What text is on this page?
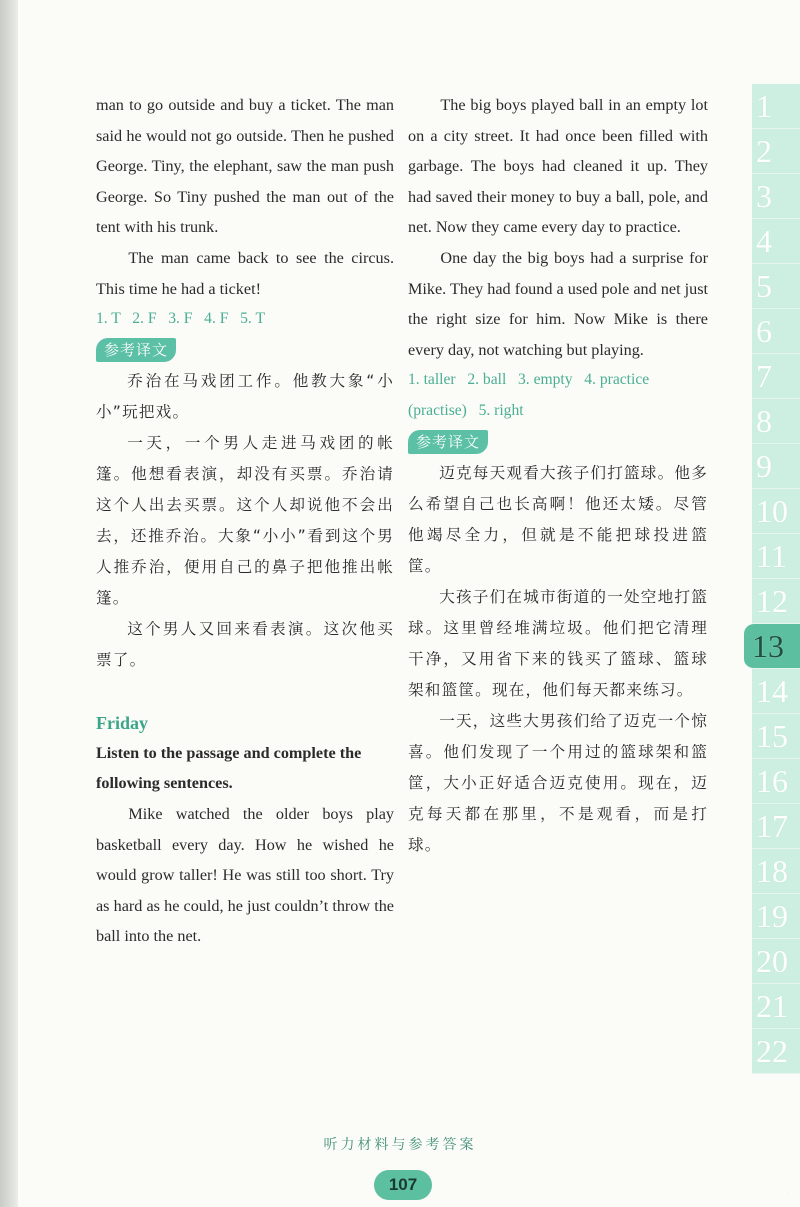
man to go outside and buy a ticket. The man said he would not go outside. Then he pushed George. Tiny, the elephant, saw the man push George. So Tiny pushed the man out of the tent with his trunk.

The man came back to see the circus. This time he had a ticket!

1. T   2. F   3. F   4. F   5. T

参考译文

乔治在马戏团工作。他教大象“小小”玩把戏。

一天，一个男人走进马戏团的帐篷。他想看表演，却没有买票。乔治请这个人出去买票。这个人却说他不会出去，还推乔治。大象“小小”看到这个男人推乔治，便用自己的鼻子把他推出帐篷。

这个男人又回来看表演。这次他买票了。

Friday

Listen to the passage and complete the following sentences.

Mike watched the older boys play basketball every day. How he wished he would grow taller! He was still too short. Try as hard as he could, he just couldn’t throw the ball into the net.

The big boys played ball in an empty lot on a city street. It had once been filled with garbage. The boys had cleaned it up. They had saved their money to buy a ball, pole, and net. Now they came every day to practice.

One day the big boys had a surprise for Mike. They had found a used pole and net just the right size for him. Now Mike is there every day, not watching but playing.

1. taller   2. ball   3. empty   4. practice (practise)   5. right

参考译文

迈克每天观看大孩子们打篮球。他多么希望自己也长高啊！他还太矮。尽管他竭尽全力，但就是不能把球投进篮筐。

大孩子们在城市街道的一处空地打篮球。这里曾经堆满垃圾。他们把它清理干净，又用省下来的钱买了篮球、篮球架和篮筐。现在，他们每天都来练习。

一天，这些大男孩们给了迈克一个惊喜。他们发现了一个用过的篮球架和篮筐，大小正好适合迈克使用。现在，迈克每天都在那里，不是观看，而是打球。

1
2
3
4
5
6
7
8
9
10
11
12
13
14
15
16
17
18
19
20
21
22
听力材料与参考答案
107	.
